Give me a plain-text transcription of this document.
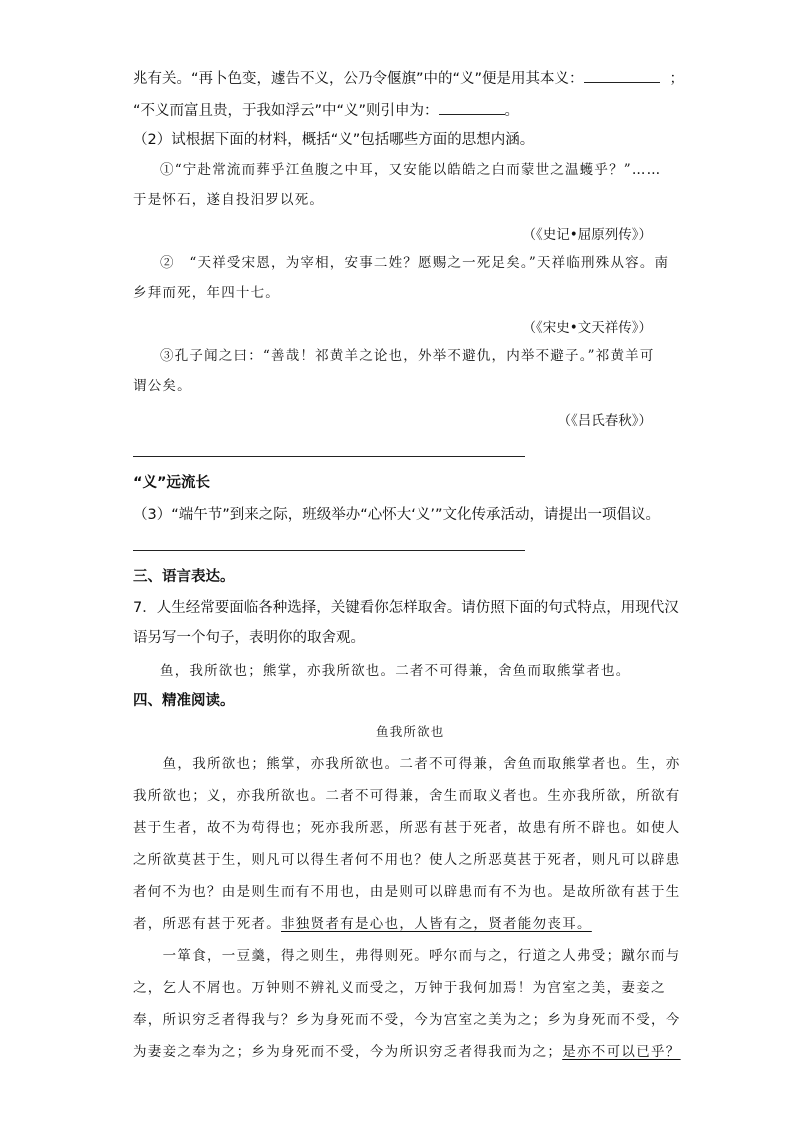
兆有关。“再卜色变，遽告不义，公乃令偃旗”中的“义”便是用其本义：	；
“不义而富且贵，于我如浮云”中“义”则引申为：	。
（2）试根据下面的材料，概括“义”包括哪些方面的思想内涵。
①“宁赴常流而葬乎江鱼腹之中耳，又安能以皓皓之白而蒙世之温蠖乎？”……
于是怀石，遂自投汨罗以死。
（《史记•屈原列传》）
②　“天祥受宋恩，为宰相，安事二姓？愿赐之一死足矣。”天祥临刑殊从容。南
乡拜而死，年四十七。
（《宋史•文天祥传》）
③孔子闻之曰：“善哉！祁黄羊之论也，外举不避仇，内举不避子。”祁黄羊可
谓公矣。
（《吕氏春秋》）
“义”远流长
（3）“端午节”到来之际，班级举办“心怀大‘义’”文化传承活动，请提出一项倡议。
三、语言表达。
7．人生经常要面临各种选择，关键看你怎样取舍。请仿照下面的句式特点，用现代汉
语另写一个句子，表明你的取舍观。
鱼，我所欲也；熊掌，亦我所欲也。二者不可得兼，舍鱼而取熊掌者也。
四、精准阅读。
鱼我所欲也
　　鱼，我所欲也；熊掌，亦我所欲也。二者不可得兼，舍鱼而取熊掌者也。生，亦
我所欲也；义，亦我所欲也。二者不可得兼，舍生而取义者也。生亦我所欲，所欲有
甚于生者，故不为苟得也；死亦我所恶，所恶有甚于死者，故患有所不辟也。如使人
之所欲莫甚于生，则凡可以得生者何不用也？使人之所恶莫甚于死者，则凡可以辟患
者何不为也？由是则生而有不用也，由是则可以辟患而有不为也。是故所欲有甚于生
者，所恶有甚于死者。非独贤者有是心也，人皆有之，贤者能勿丧耳。
　　一箪食，一豆羹，得之则生，弗得则死。呼尔而与之，行道之人弗受；蹴尔而与
之，乞人不屑也。万钟则不辨礼义而受之，万钟于我何加焉！为宫室之美，妻妾之
奉，所识穷乏者得我与？乡为身死而不受，今为宫室之美为之；乡为身死而不受，今
为妻妾之奉为之；乡为身死而不受，今为所识穷乏者得我而为之；是亦不可以已乎？
